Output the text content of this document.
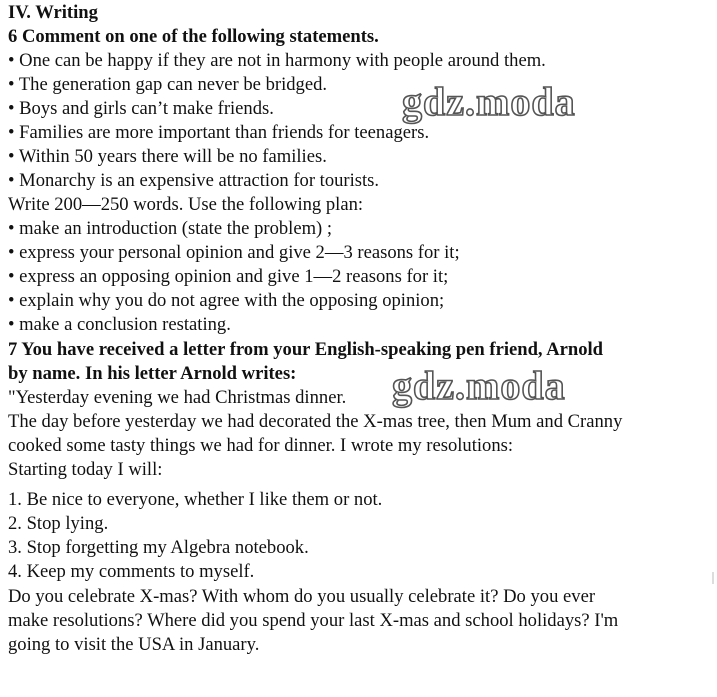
IV. Writing
6 Comment on one of the following statements.
• One can be happy if they are not in harmony with people around them.
• The generation gap can never be bridged.
• Boys and girls can’t make friends.
• Families are more important than friends for teenagers.
• Within 50 years there will be no families.
• Monarchy is an expensive attraction for tourists.
Write 200—250 words. Use the following plan:
• make an introduction (state the problem) ;
• express your personal opinion and give 2—3 reasons for it;
• express an opposing opinion and give 1—2 reasons for it;
• explain why you do not agree with the opposing opinion;
• make a conclusion restating.
7 You have received a letter from your English-speaking pen friend, Arnold
by name. In his letter Arnold writes:
"Yesterday evening we had Christmas dinner.
The day before yesterday we had decorated the X-mas tree, then Mum and Cranny
cooked some tasty things we had for dinner. I wrote my resolutions:
Starting today I will:
1. Be nice to everyone, whether I like them or not.
2. Stop lying.
3. Stop forgetting my Algebra notebook.
4. Keep my comments to myself.
Do you celebrate X-mas? With whom do you usually celebrate it? Do you ever
make resolutions? Where did you spend your last X-mas and school holidays? I'm
going to visit the USA in January.
gdz.moda
gdz.moda
